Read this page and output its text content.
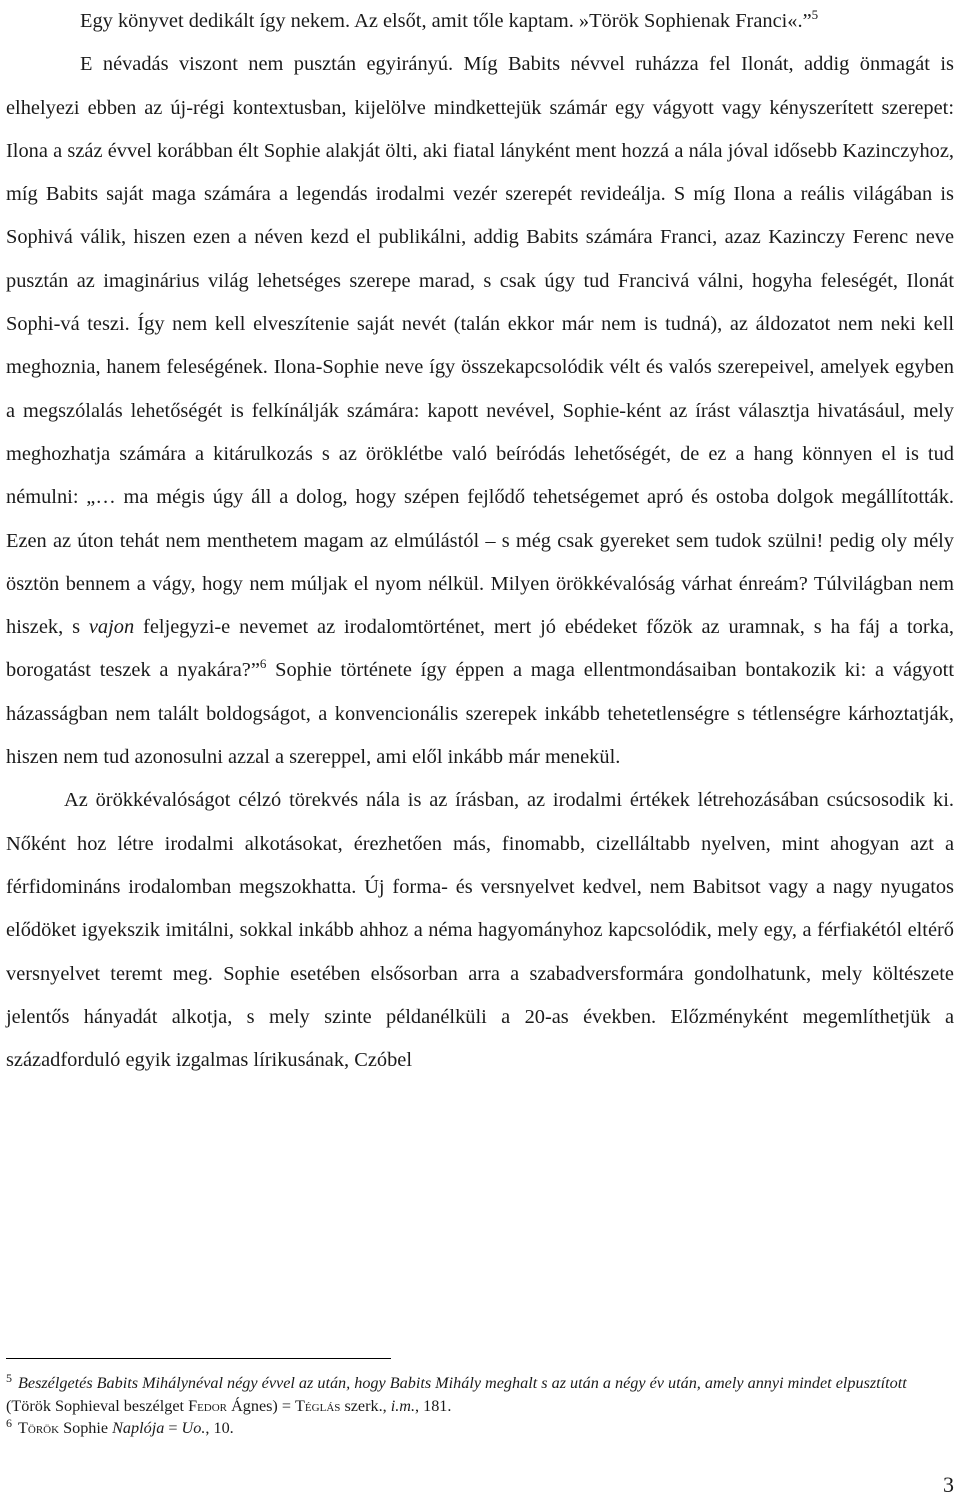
Egy könyvet dedikált így nekem. Az elsőt, amit tőle kaptam. »Török Sophienak Franci«.”$^5$

E névadás viszont nem pusztán egyirányú. Míg Babits névvel ruházza fel Ilonát, addig önmagát is elhelyezi ebben az új-régi kontextusban, kijelölve mindkettejük számár egy vágyott vagy kényszerített szerepet: Ilona a száz évvel korábban élt Sophie alakját ölti, aki fiatal lányként ment hozzá a nála jóval idősebb Kazinczyhoz, míg Babits saját maga számára a legendás irodalmi vezér szerepét revideálja. S míg Ilona a reális világában is Sophivá válik, hiszen ezen a néven kezd el publikálni, addig Babits számára Franci, azaz Kazinczy Ferenc neve pusztán az imaginárius világ lehetséges szerepe marad, s csak úgy tud Francivá válni, hogyha feleségét, Ilonát Sophi-vá teszi. Így nem kell elveszítenie saját nevét (talán ekkor már nem is tudná), az áldozatot nem neki kell meghoznia, hanem feleségének. Ilona-Sophie neve így összekapcsolódik vélt és valós szerepeivel, amelyek egyben a megszólalás lehetőségét is felkínálják számára: kapott nevével, Sophie-ként az írást választja hivatásául, mely meghozhatja számára a kitárulkozás s az öröklétbe való beíródás lehetőségét, de ez a hang könnyen el is tud némulni: „… ma mégis úgy áll a dolog, hogy szépen fejlődő tehetségemet apró és ostoba dolgok megállították. Ezen az úton tehát nem menthetem magam az elmúlástól – s még csak gyereket sem tudok szülni! pedig oly mély ösztön bennem a vágy, hogy nem múljak el nyom nélkül. Milyen örökkévalóság várhat énreám? Túlvilágban nem hiszek, s vajon feljegyzi-e nevemet az irodalomtörténet, mert jó ebédeket főzök az uramnak, s ha fáj a torka, borogatást teszek a nyakára?”$^6$ Sophie története így éppen a maga ellentmondásaiban bontakozik ki: a vágyott házasságban nem talált boldogságot, a konvencionális szerepek inkább tehetetlenségre s tétlenségre kárhoztatják, hiszen nem tud azonosulni azzal a szereppel, ami elől inkább már menekül.

Az örökkévalóságot célzó törekvés nála is az írásban, az irodalmi értékek létrehozásában csúcsosodik ki. Nőként hoz létre irodalmi alkotásokat, érezhetően más, finomabb, cizelláltabb nyelven, mint ahogyan azt a férfidomináns irodalomban megszokhatta. Új forma- és versnyelvet kedvel, nem Babitsot vagy a nagy nyugatos elődöket igyekszik imitálni, sokkal inkább ahhoz a néma hagyományhoz kapcsolódik, mely egy, a férfiakétól eltérő versnyelvet teremt meg. Sophie esetében elsősorban arra a szabadversformára gondolhatunk, mely költészete jelentős hányadát alkotja, s mely szinte példanélküli a 20-as években. Előzményként megemlíthetjük a századforduló egyik izgalmas lírikusának, Czóbel

$^5$ Beszélgetés Babits Mihálynéval négy évvel az után, hogy Babits Mihály meghalt s az után a négy év után, amely annyi mindet elpusztított (Török Sophieval beszélget Fedor Ágnes) = Téglás szerk., i.m., 181.

$^6$ Török Sophie Naplója = Uo., 10.

3
